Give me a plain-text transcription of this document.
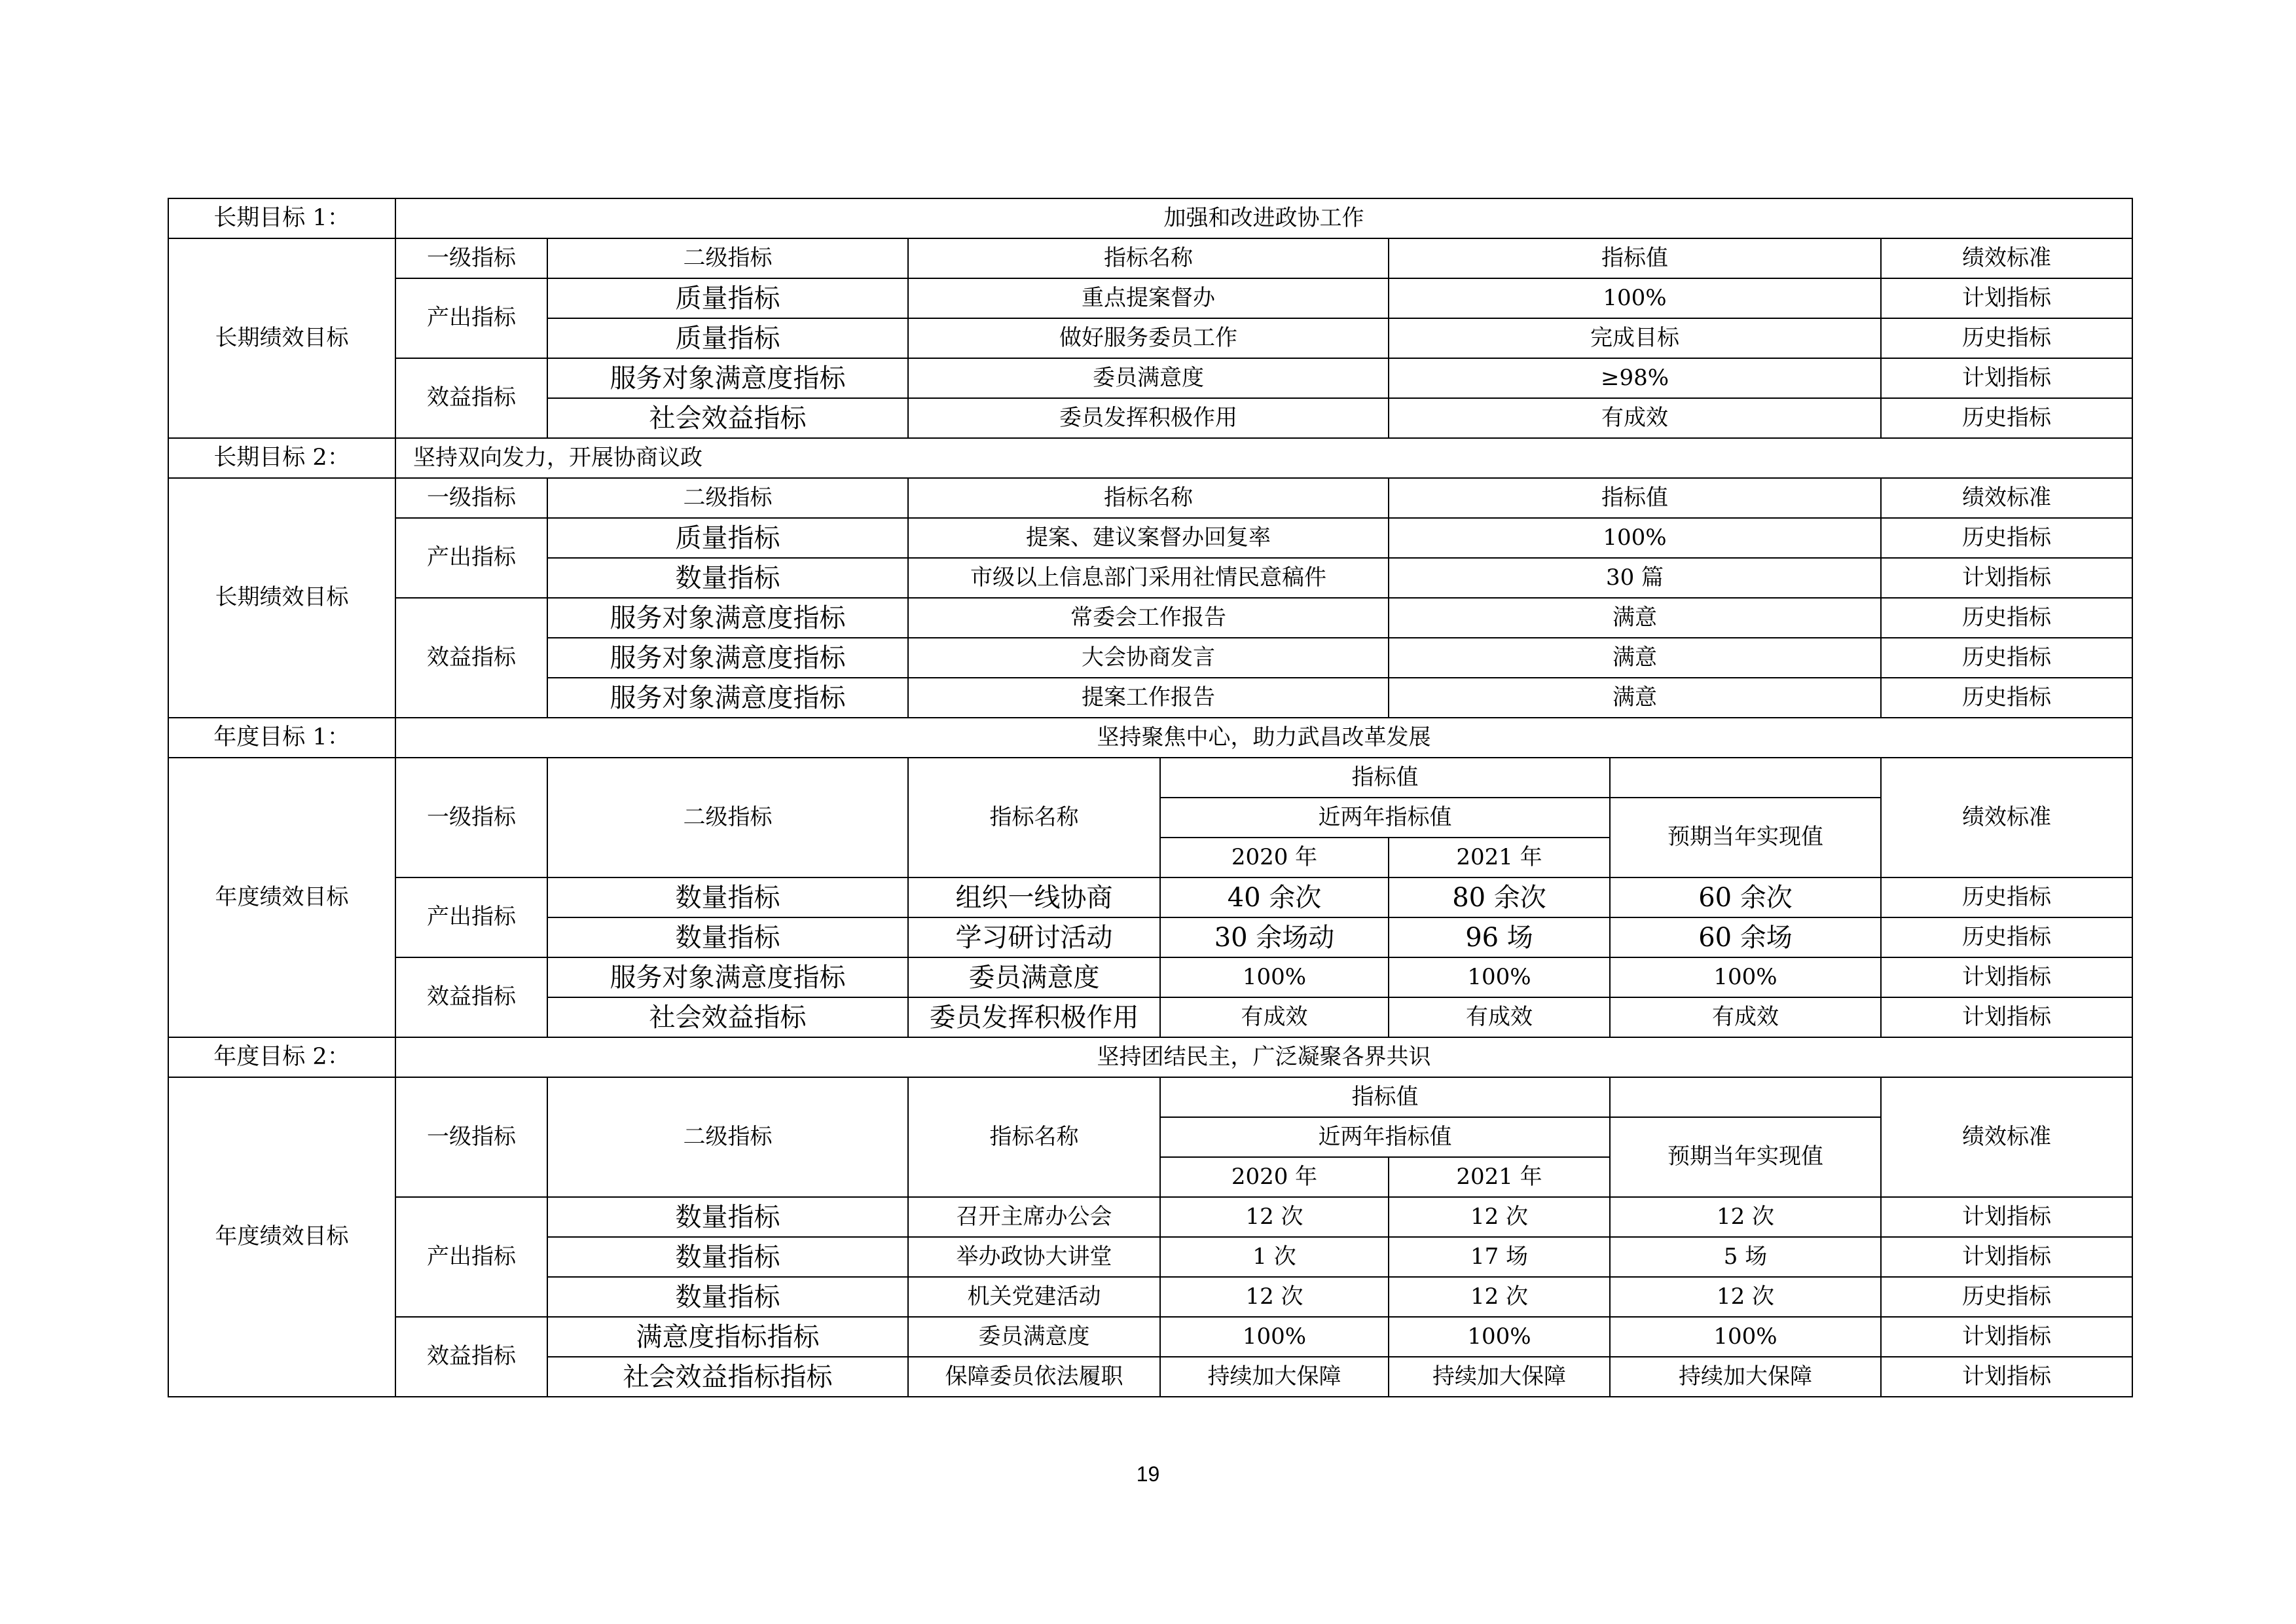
长期目标 1：	加强和改进政协工作						
长期绩效目标	一级指标	二级指标	指标名称		指标值		绩效标准
	产出指标	质量指标	重点提案督办		100%		计划指标
		质量指标	做好服务委员工作		完成目标		历史指标
	效益指标	服务对象满意度指标	委员满意度		≥98%		计划指标
		社会效益指标	委员发挥积极作用		有成效		历史指标
长期目标 2：	坚持双向发力，开展协商议政						
长期绩效目标	一级指标	二级指标	指标名称		指标值		绩效标准
	产出指标	质量指标	提案、建议案督办回复率		100%		历史指标
		数量指标	市级以上信息部门采用社情民意稿件		30 篇		计划指标
	效益指标	服务对象满意度指标	常委会工作报告		满意		历史指标
		服务对象满意度指标	大会协商发言		满意		历史指标
		服务对象满意度指标	提案工作报告		满意		历史指标
年度目标 1：	坚持聚焦中心，助力武昌改革发展						
年度绩效目标	一级指标	二级指标	指标名称	指标值			绩效标准
				近两年指标值		预期当年实现值	
				2020 年	2021 年		
	产出指标	数量指标	组织一线协商	40 余次	80 余次	60 余次	历史指标
		数量指标	学习研讨活动	30 余场动	96 场	60 余场	历史指标
	效益指标	服务对象满意度指标	委员满意度	100%	100%	100%	计划指标
		社会效益指标	委员发挥积极作用	有成效	有成效	有成效	计划指标
年度目标 2：	坚持团结民主，广泛凝聚各界共识						
年度绩效目标	一级指标	二级指标	指标名称	指标值			绩效标准
				近两年指标值		预期当年实现值	
				2020 年	2021 年		
	产出指标	数量指标	召开主席办公会	12 次	12 次	12 次	计划指标
		数量指标	举办政协大讲堂	1 次	17 场	5 场	计划指标
		数量指标	机关党建活动	12 次	12 次	12 次	历史指标
	效益指标	满意度指标指标	委员满意度	100%	100%	100%	计划指标
		社会效益指标指标	保障委员依法履职	持续加大保障	持续加大保障	持续加大保障	计划指标
19
